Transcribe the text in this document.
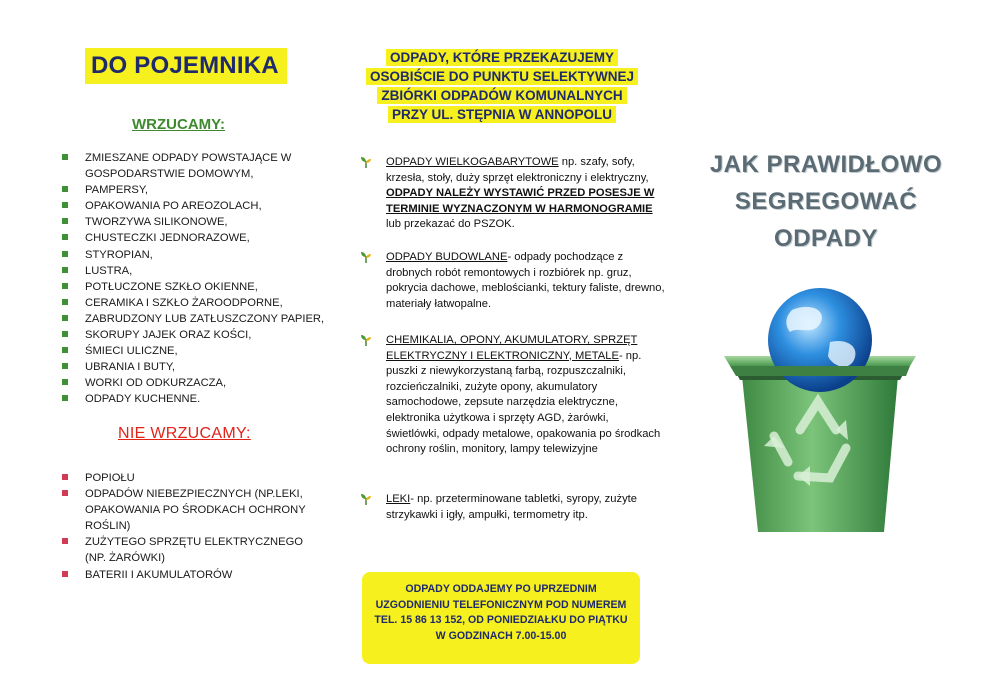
DO POJEMNIKA
WRZUCAMY:
ZMIESZANE ODPADY POWSTAJĄCE W GOSPODARSTWIE DOMOWYM,
PAMPERSY,
OPAKOWANIA PO AREOZOLACH,
TWORZYWA SILIKONOWE,
CHUSTECZKI JEDNORAZOWE,
STYROPIAN,
LUSTRA,
POTŁUCZONE SZKŁO OKIENNE,
CERAMIKA I SZKŁO ŻAROODPORNE,
ZABRUDZONY LUB ZATŁUSZCZONY PAPIER,
SKORUPY JAJEK ORAZ KOŚCI,
ŚMIECI ULICZNE,
UBRANIA I BUTY,
WORKI OD ODKURZACZA,
ODPADY KUCHENNE.
NIE WRZUCAMY:
POPIOŁU
ODPADÓW NIEBEZPIECZNYCH (NP.LEKI, OPAKOWANIA PO ŚRODKACH OCHRONY ROŚLIN)
ZUŻYTEGO SPRZĘTU ELEKTRYCZNEGO (NP. ŻARÓWKI)
BATERII I AKUMULATORÓW
ODPADY, KTÓRE PRZEKAZUJEMY OSOBIŚCIE DO PUNKTU SELEKTYWNEJ ZBIÓRKI ODPADÓW KOMUNALNYCH PRZY UL. STĘPNIA W ANNOPOLU
ODPADY WIELKOGABARYTOWE np. szafy, sofy, krzesła, stoły, duży sprzęt elektroniczny i elektryczny, ODPADY NALEŻY WYSTAWIĆ PRZED POSESJE W TERMINIE WYZNACZONYM W HARMONOGRAMIE lub przekazać do PSZOK.
ODPADY BUDOWLANE- odpady pochodzące z drobnych robót remontowych i rozbiórek np. gruz, pokrycia dachowe, meblościanki, tektury faliste, drewno, materiały łatwopalne.
CHEMIKALIA, OPONY, AKUMULATORY, SPRZĘT ELEKTRYCZNY I ELEKTRONICZNY, METALE- np. puszki z niewykorzystaną farbą, rozpuszczalniki, rozcieńczalniki, zużyte opony, akumulatory samochodowe, zepsute narzędzia elektryczne, elektronika użytkowa i sprzęty AGD, żarówki, świetlówki, odpady metalowe, opakowania po środkach ochrony roślin, monitory, lampy telewizyjne
LEKI- np. przeterminowane tabletki, syropy, zużyte strzykawki i igły, ampułki, termometry itp.
ODPADY ODDAJEMY PO UPRZEDNIM
UZGODNIENIU TELEFONICZNYM POD NUMEREM
TEL. 15 86 13 152, OD PONIEDZIAŁKU DO PIĄTKU
W GODZINACH 7.00-15.00
JAK PRAWIDŁOWO
SEGREGOWAĆ
ODPADY
